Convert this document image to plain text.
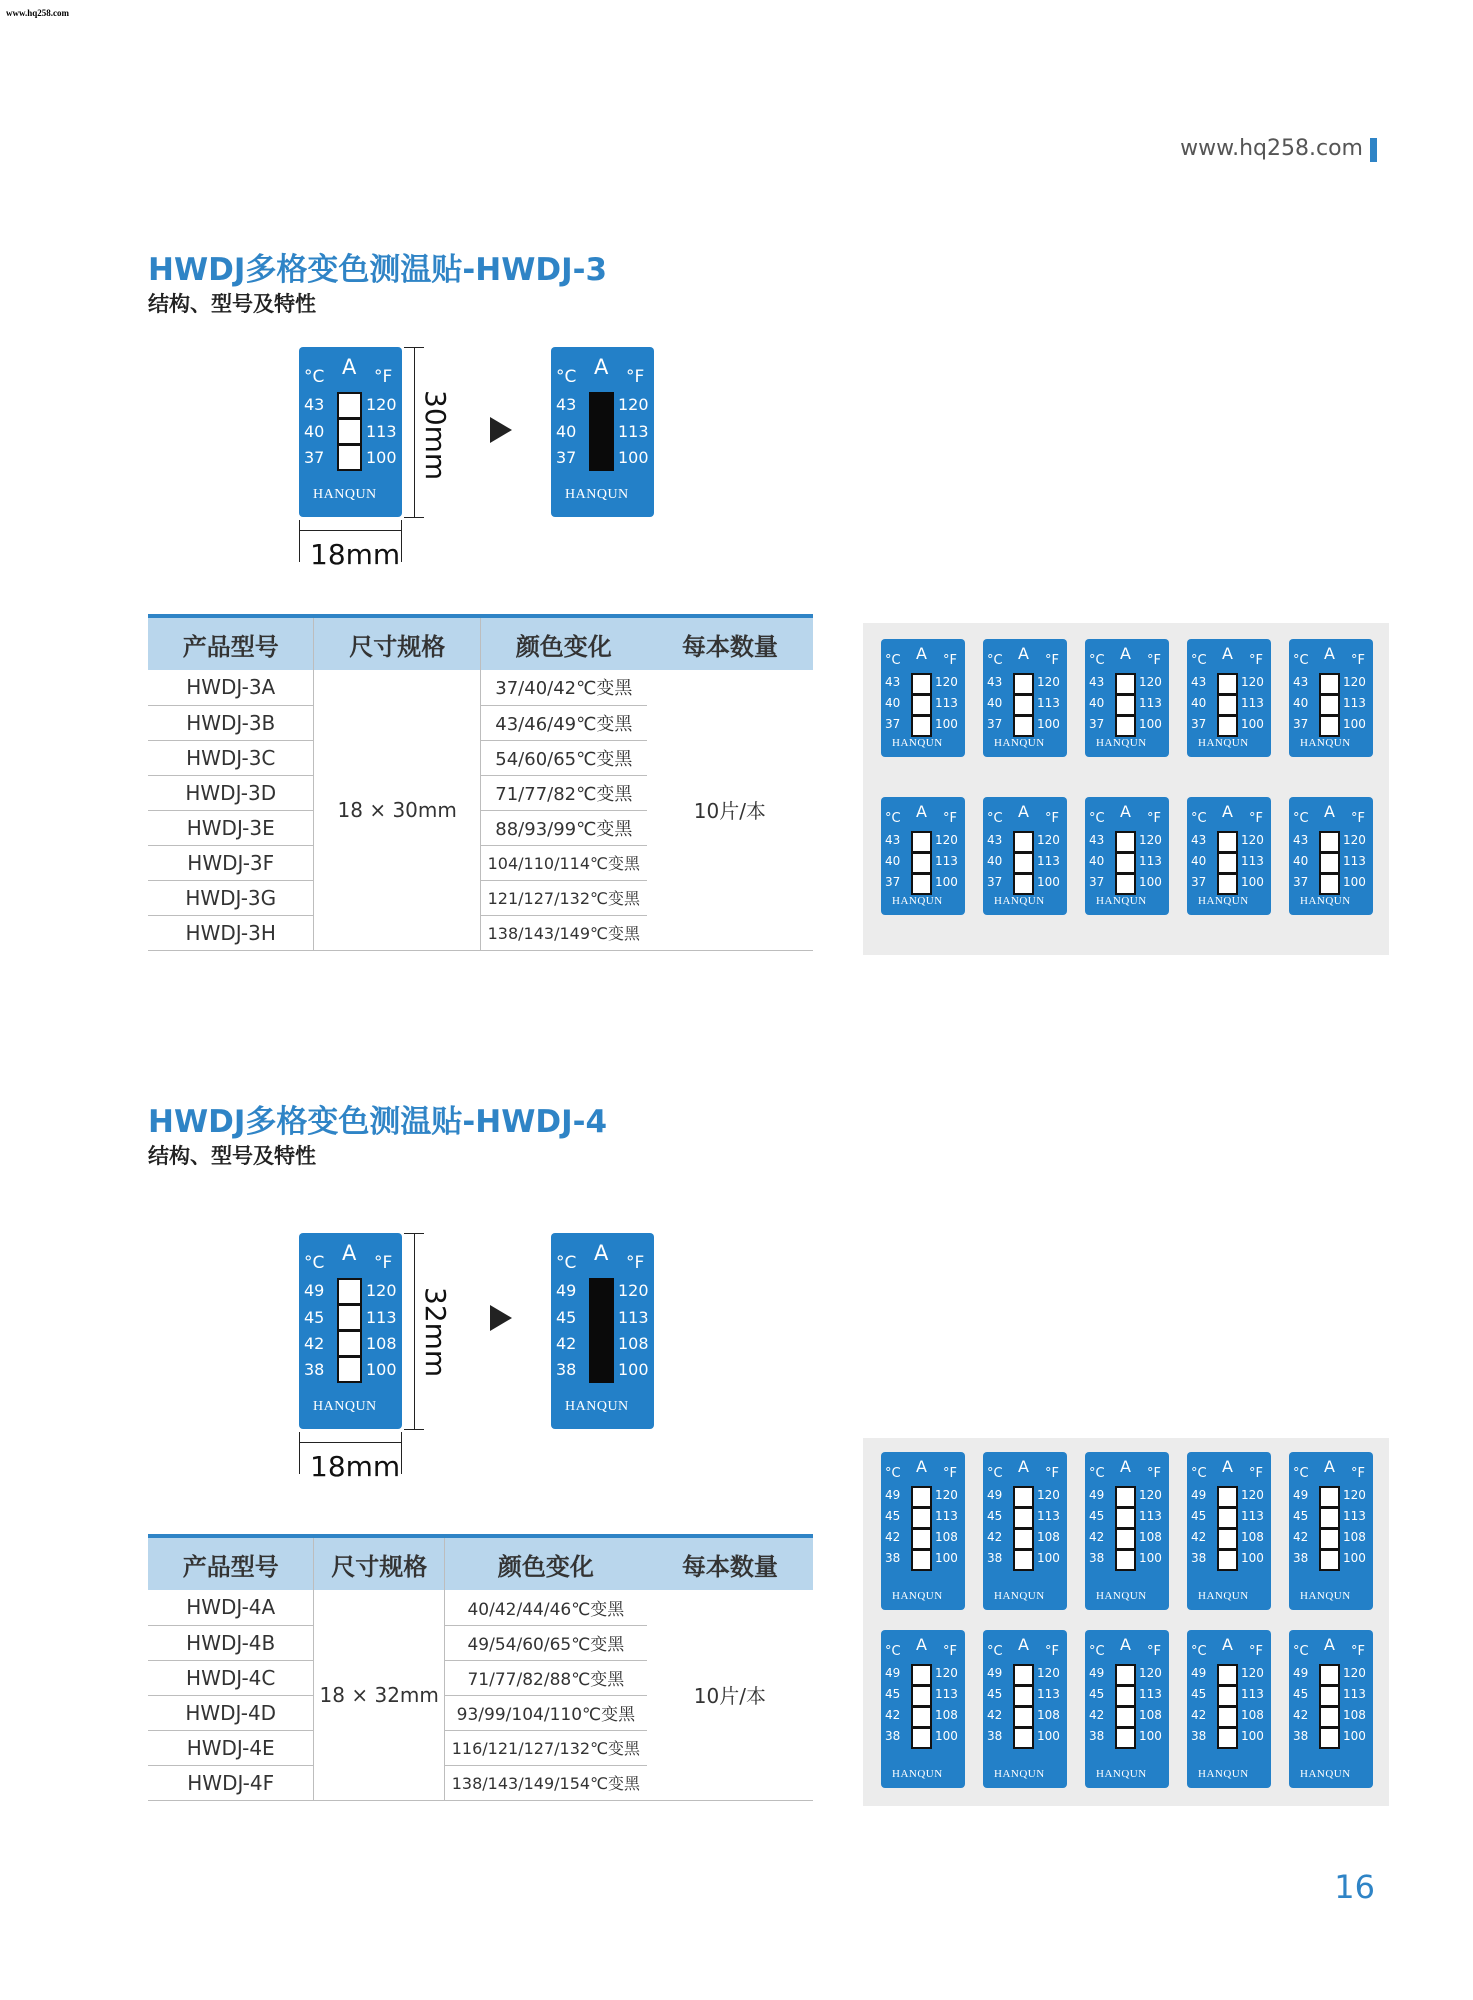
www.hq258.com
www.hq258.com
HWDJ多格变色测温贴-HWDJ-3
结构、型号及特性
°C A °F
43
40
37
120
113
100
HANQUN
30mm
18mm
°C A °F
43
40
37
120
113
100
HANQUN
产品型号	尺寸规格	颜色变化	每本数量
HWDJ-3A	18 × 30mm	37/40/42℃变黑	10片/本
HWDJ-3B		43/46/49℃变黑	
HWDJ-3C		54/60/65℃变黑	
HWDJ-3D		71/77/82℃变黑	
HWDJ-3E		88/93/99℃变黑	
HWDJ-3F		104/110/114℃变黑	
HWDJ-3G		121/127/132℃变黑	
HWDJ-3H		138/143/149℃变黑	
°C A °F
43	120
40	113
37	100
HANQUN
°C A °F
43	120
40	113
37	100
HANQUN
°C A °F
43	120
40	113
37	100
HANQUN
°C A °F
43	120
40	113
37	100
HANQUN
°C A °F
43	120
40	113
37	100
HANQUN
°C A °F
43	120
40	113
37	100
HANQUN
°C A °F
43	120
40	113
37	100
HANQUN
°C A °F
43	120
40	113
37	100
HANQUN
°C A °F
43	120
40	113
37	100
HANQUN
°C A °F
43	120
40	113
37	100
HANQUN
HWDJ多格变色测温贴-HWDJ-4
结构、型号及特性
°C A °F
49
45
42
38
120
113
108
100
HANQUN
32mm
18mm
°C A °F
49
45
42
38
120
113
108
100
HANQUN
产品型号	尺寸规格	颜色变化	每本数量
HWDJ-4A	18 × 32mm	40/42/44/46℃变黑	10片/本
HWDJ-4B		49/54/60/65℃变黑	
HWDJ-4C		71/77/82/88℃变黑	
HWDJ-4D		93/99/104/110℃变黑	
HWDJ-4E		116/121/127/132℃变黑	
HWDJ-4F		138/143/149/154℃变黑	
°C A °F
49	120
45	113
42	108
38	100
HANQUN
°C A °F
49	120
45	113
42	108
38	100
HANQUN
°C A °F
49	120
45	113
42	108
38	100
HANQUN
°C A °F
49	120
45	113
42	108
38	100
HANQUN
°C A °F
49	120
45	113
42	108
38	100
HANQUN
°C A °F
49	120
45	113
42	108
38	100
HANQUN
°C A °F
49	120
45	113
42	108
38	100
HANQUN
°C A °F
49	120
45	113
42	108
38	100
HANQUN
°C A °F
49	120
45	113
42	108
38	100
HANQUN
°C A °F
49	120
45	113
42	108
38	100
HANQUN
16
